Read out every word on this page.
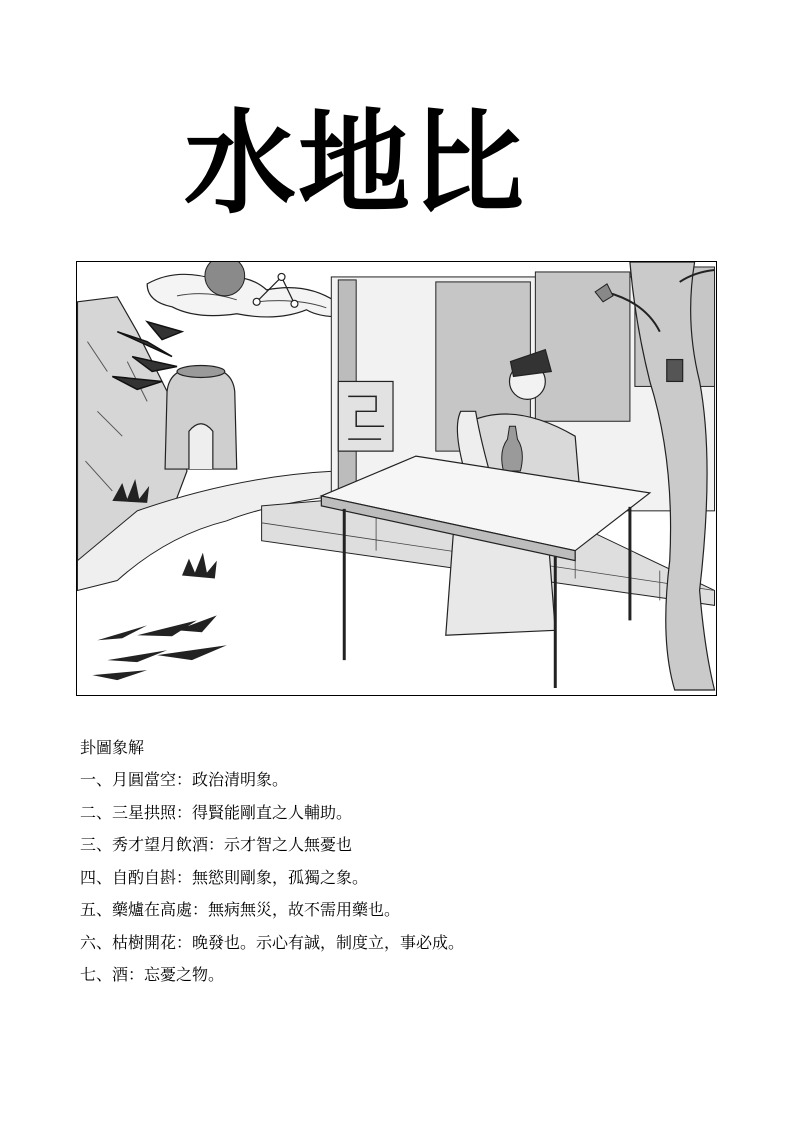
水地比

卦圖象解

一、月圓當空：政治清明象。
二、三星拱照：得賢能剛直之人輔助。
三、秀才望月飲酒：示才智之人無憂也
四、自酌自斟：無慾則剛象，孤獨之象。
五、藥爐在高處：無病無災，故不需用藥也。
六、枯樹開花：晚發也。示心有誠，制度立，事必成。
七、酒：忘憂之物。
